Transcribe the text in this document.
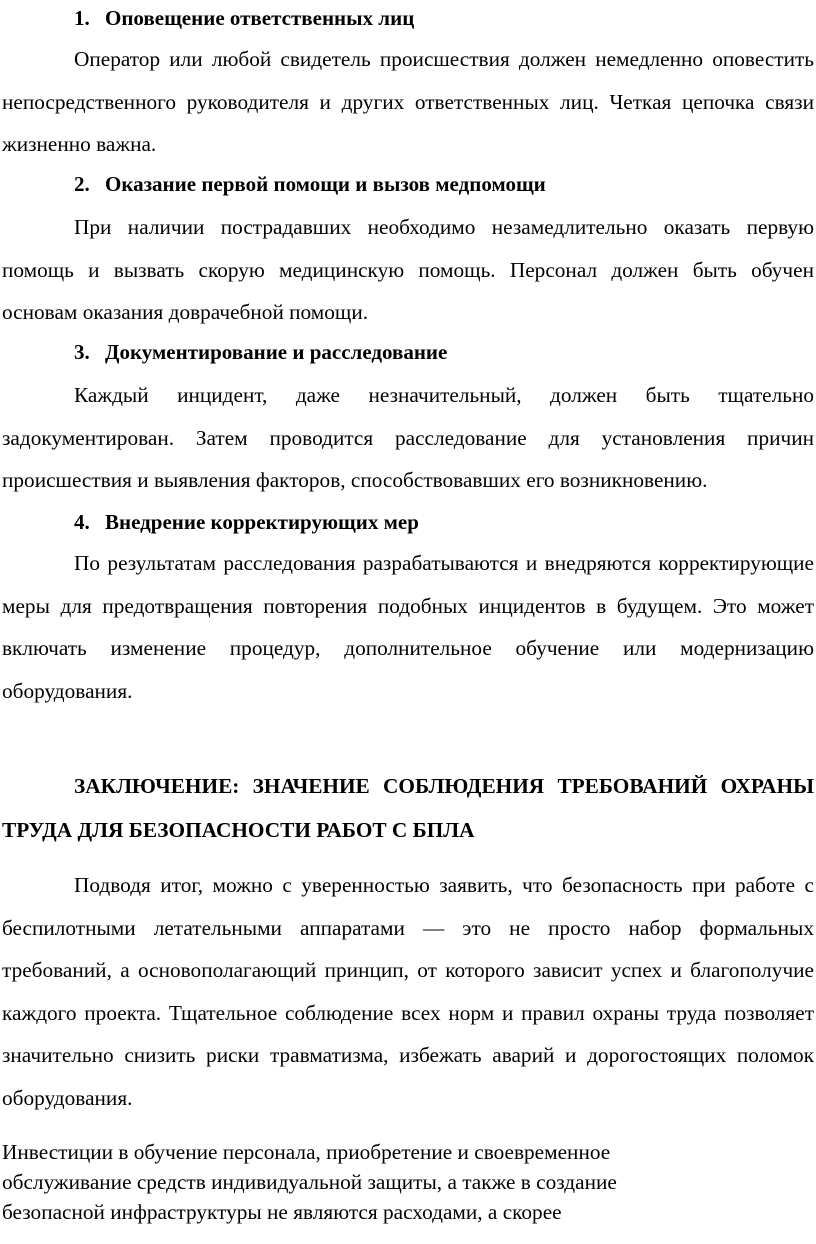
1. Оповещение ответственных лиц

Оператор или любой свидетель происшествия должен немедленно оповестить непосредственного руководителя и других ответственных лиц. Четкая цепочка связи жизненно важна.

2. Оказание первой помощи и вызов медпомощи

При наличии пострадавших необходимо незамедлительно оказать первую помощь и вызвать скорую медицинскую помощь. Персонал должен быть обучен основам оказания доврачебной помощи.

3. Документирование и расследование

Каждый инцидент, даже незначительный, должен быть тщательно задокументирован. Затем проводится расследование для установления причин происшествия и выявления факторов, способствовавших его возникновению.

4. Внедрение корректирующих мер

По результатам расследования разрабатываются и внедряются корректирующие меры для предотвращения повторения подобных инцидентов в будущем. Это может включать изменение процедур, дополнительное обучение или модернизацию оборудования.

ЗАКЛЮЧЕНИЕ: ЗНАЧЕНИЕ СОБЛЮДЕНИЯ ТРЕБОВАНИЙ ОХРАНЫ ТРУДА ДЛЯ БЕЗОПАСНОСТИ РАБОТ С БПЛА

Подводя итог, можно с уверенностью заявить, что безопасность при работе с беспилотными летательными аппаратами — это не просто набор формальных требований, а основополагающий принцип, от которого зависит успех и благополучие каждого проекта. Тщательное соблюдение всех норм и правил охраны труда позволяет значительно снизить риски травматизма, избежать аварий и дорогостоящих поломок оборудования.

Инвестиции в обучение персонала, приобретение и своевременное

обслуживание средств индивидуальной защиты, а также в создание

безопасной инфраструктуры не являются расходами, а скорее
